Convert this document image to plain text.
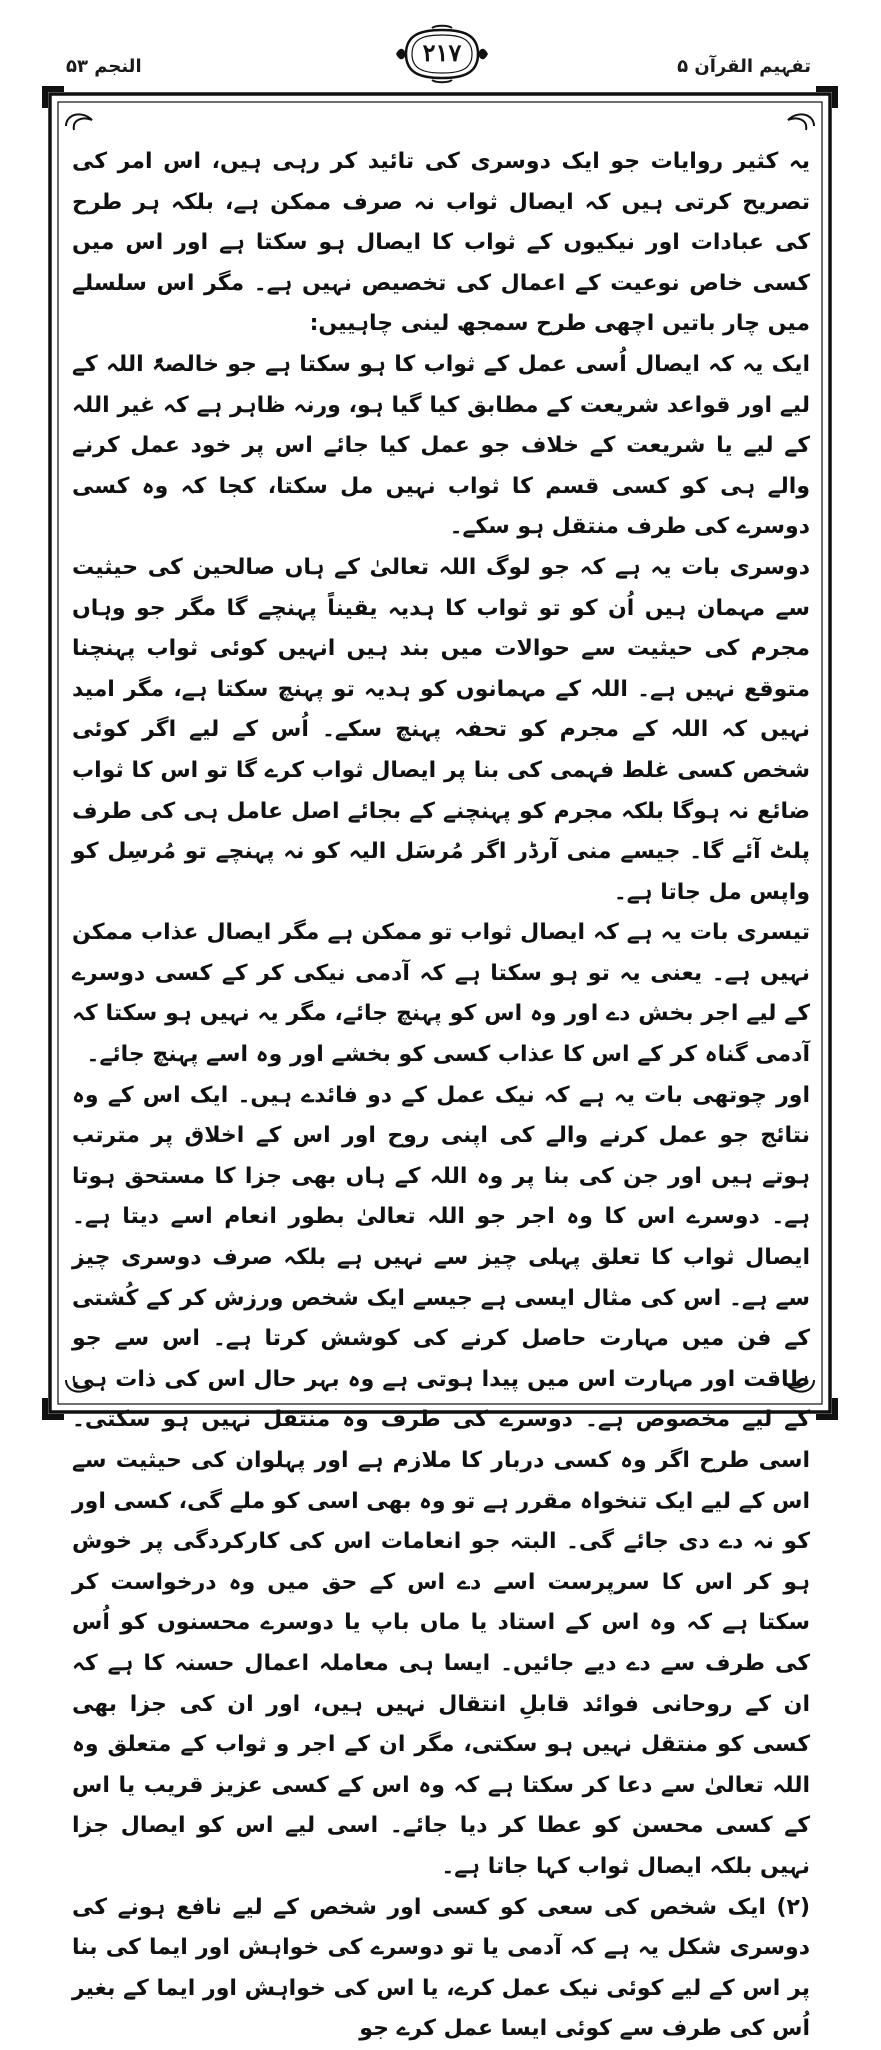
النجم ۵۳	۲۱۷	تفہیم القرآن ۵

یہ کثیر روایات جو ایک دوسری کی تائید کر رہی ہیں، اس امر کی تصریح کرتی ہیں کہ ایصال ثواب نہ صرف ممکن ہے، بلکہ ہر طرح کی عبادات اور نیکیوں کے ثواب کا ایصال ہو سکتا ہے اور اس میں کسی خاص نوعیت کے اعمال کی تخصیص نہیں ہے۔ مگر اس سلسلے میں چار باتیں اچھی طرح سمجھ لینی چاہییں:

ایک یہ کہ ایصال اُسی عمل کے ثواب کا ہو سکتا ہے جو خالصۃً اللہ کے لیے اور قواعد شریعت کے مطابق کیا گیا ہو، ورنہ ظاہر ہے کہ غیر اللہ کے لیے یا شریعت کے خلاف جو عمل کیا جائے اس پر خود عمل کرنے والے ہی کو کسی قسم کا ثواب نہیں مل سکتا، کجا کہ وہ کسی دوسرے کی طرف منتقل ہو سکے۔

دوسری بات یہ ہے کہ جو لوگ اللہ تعالیٰ کے ہاں صالحین کی حیثیت سے مہمان ہیں اُن کو تو ثواب کا ہدیہ یقیناً پہنچے گا مگر جو وہاں مجرم کی حیثیت سے حوالات میں بند ہیں انہیں کوئی ثواب پہنچنا متوقع نہیں ہے۔ اللہ کے مہمانوں کو ہدیہ تو پہنچ سکتا ہے، مگر امید نہیں کہ اللہ کے مجرم کو تحفہ پہنچ سکے۔ اُس کے لیے اگر کوئی شخص کسی غلط فہمی کی بنا پر ایصال ثواب کرے گا تو اس کا ثواب ضائع نہ ہوگا بلکہ مجرم کو پہنچنے کے بجائے اصل عامل ہی کی طرف پلٹ آئے گا۔ جیسے منی آرڈر اگر مُرسَل الیہ کو نہ پہنچے تو مُرسِل کو واپس مل جاتا ہے۔

تیسری بات یہ ہے کہ ایصال ثواب تو ممکن ہے مگر ایصال عذاب ممکن نہیں ہے۔ یعنی یہ تو ہو سکتا ہے کہ آدمی نیکی کر کے کسی دوسرے کے لیے اجر بخش دے اور وہ اس کو پہنچ جائے، مگر یہ نہیں ہو سکتا کہ آدمی گناہ کر کے اس کا عذاب کسی کو بخشے اور وہ اسے پہنچ جائے۔

اور چوتھی بات یہ ہے کہ نیک عمل کے دو فائدے ہیں۔ ایک اس کے وہ نتائج جو عمل کرنے والے کی اپنی روح اور اس کے اخلاق پر مترتب ہوتے ہیں اور جن کی بنا پر وہ اللہ کے ہاں بھی جزا کا مستحق ہوتا ہے۔ دوسرے اس کا وہ اجر جو اللہ تعالیٰ بطور انعام اسے دیتا ہے۔ ایصال ثواب کا تعلق پہلی چیز سے نہیں ہے بلکہ صرف دوسری چیز سے ہے۔ اس کی مثال ایسی ہے جیسے ایک شخص ورزش کر کے کُشتی کے فن میں مہارت حاصل کرنے کی کوشش کرتا ہے۔ اس سے جو طاقت اور مہارت اس میں پیدا ہوتی ہے وہ بہر حال اس کی ذات ہی کے لیے مخصوص ہے۔ دوسرے کی طرف وہ منتقل نہیں ہو سکتی۔ اسی طرح اگر وہ کسی دربار کا ملازم ہے اور پہلوان کی حیثیت سے اس کے لیے ایک تنخواہ مقرر ہے تو وہ بھی اسی کو ملے گی، کسی اور کو نہ دے دی جائے گی۔ البتہ جو انعامات اس کی کارکردگی پر خوش ہو کر اس کا سرپرست اسے دے اس کے حق میں وہ درخواست کر سکتا ہے کہ وہ اس کے استاد یا ماں باپ یا دوسرے محسنوں کو اُس کی طرف سے دے دیے جائیں۔ ایسا ہی معاملہ اعمال حسنہ کا ہے کہ ان کے روحانی فوائد قابلِ انتقال نہیں ہیں، اور ان کی جزا بھی کسی کو منتقل نہیں ہو سکتی، مگر ان کے اجر و ثواب کے متعلق وہ اللہ تعالیٰ سے دعا کر سکتا ہے کہ وہ اس کے کسی عزیز قریب یا اس کے کسی محسن کو عطا کر دیا جائے۔ اسی لیے اس کو ایصال جزا نہیں بلکہ ایصال ثواب کہا جاتا ہے۔

(۲) ایک شخص کی سعی کو کسی اور شخص کے لیے نافع ہونے کی دوسری شکل یہ ہے کہ آدمی یا تو دوسرے کی خواہش اور ایما کی بنا پر اس کے لیے کوئی نیک عمل کرے، یا اس کی خواہش اور ایما کے بغیر اُس کی طرف سے کوئی ایسا عمل کرے جو
